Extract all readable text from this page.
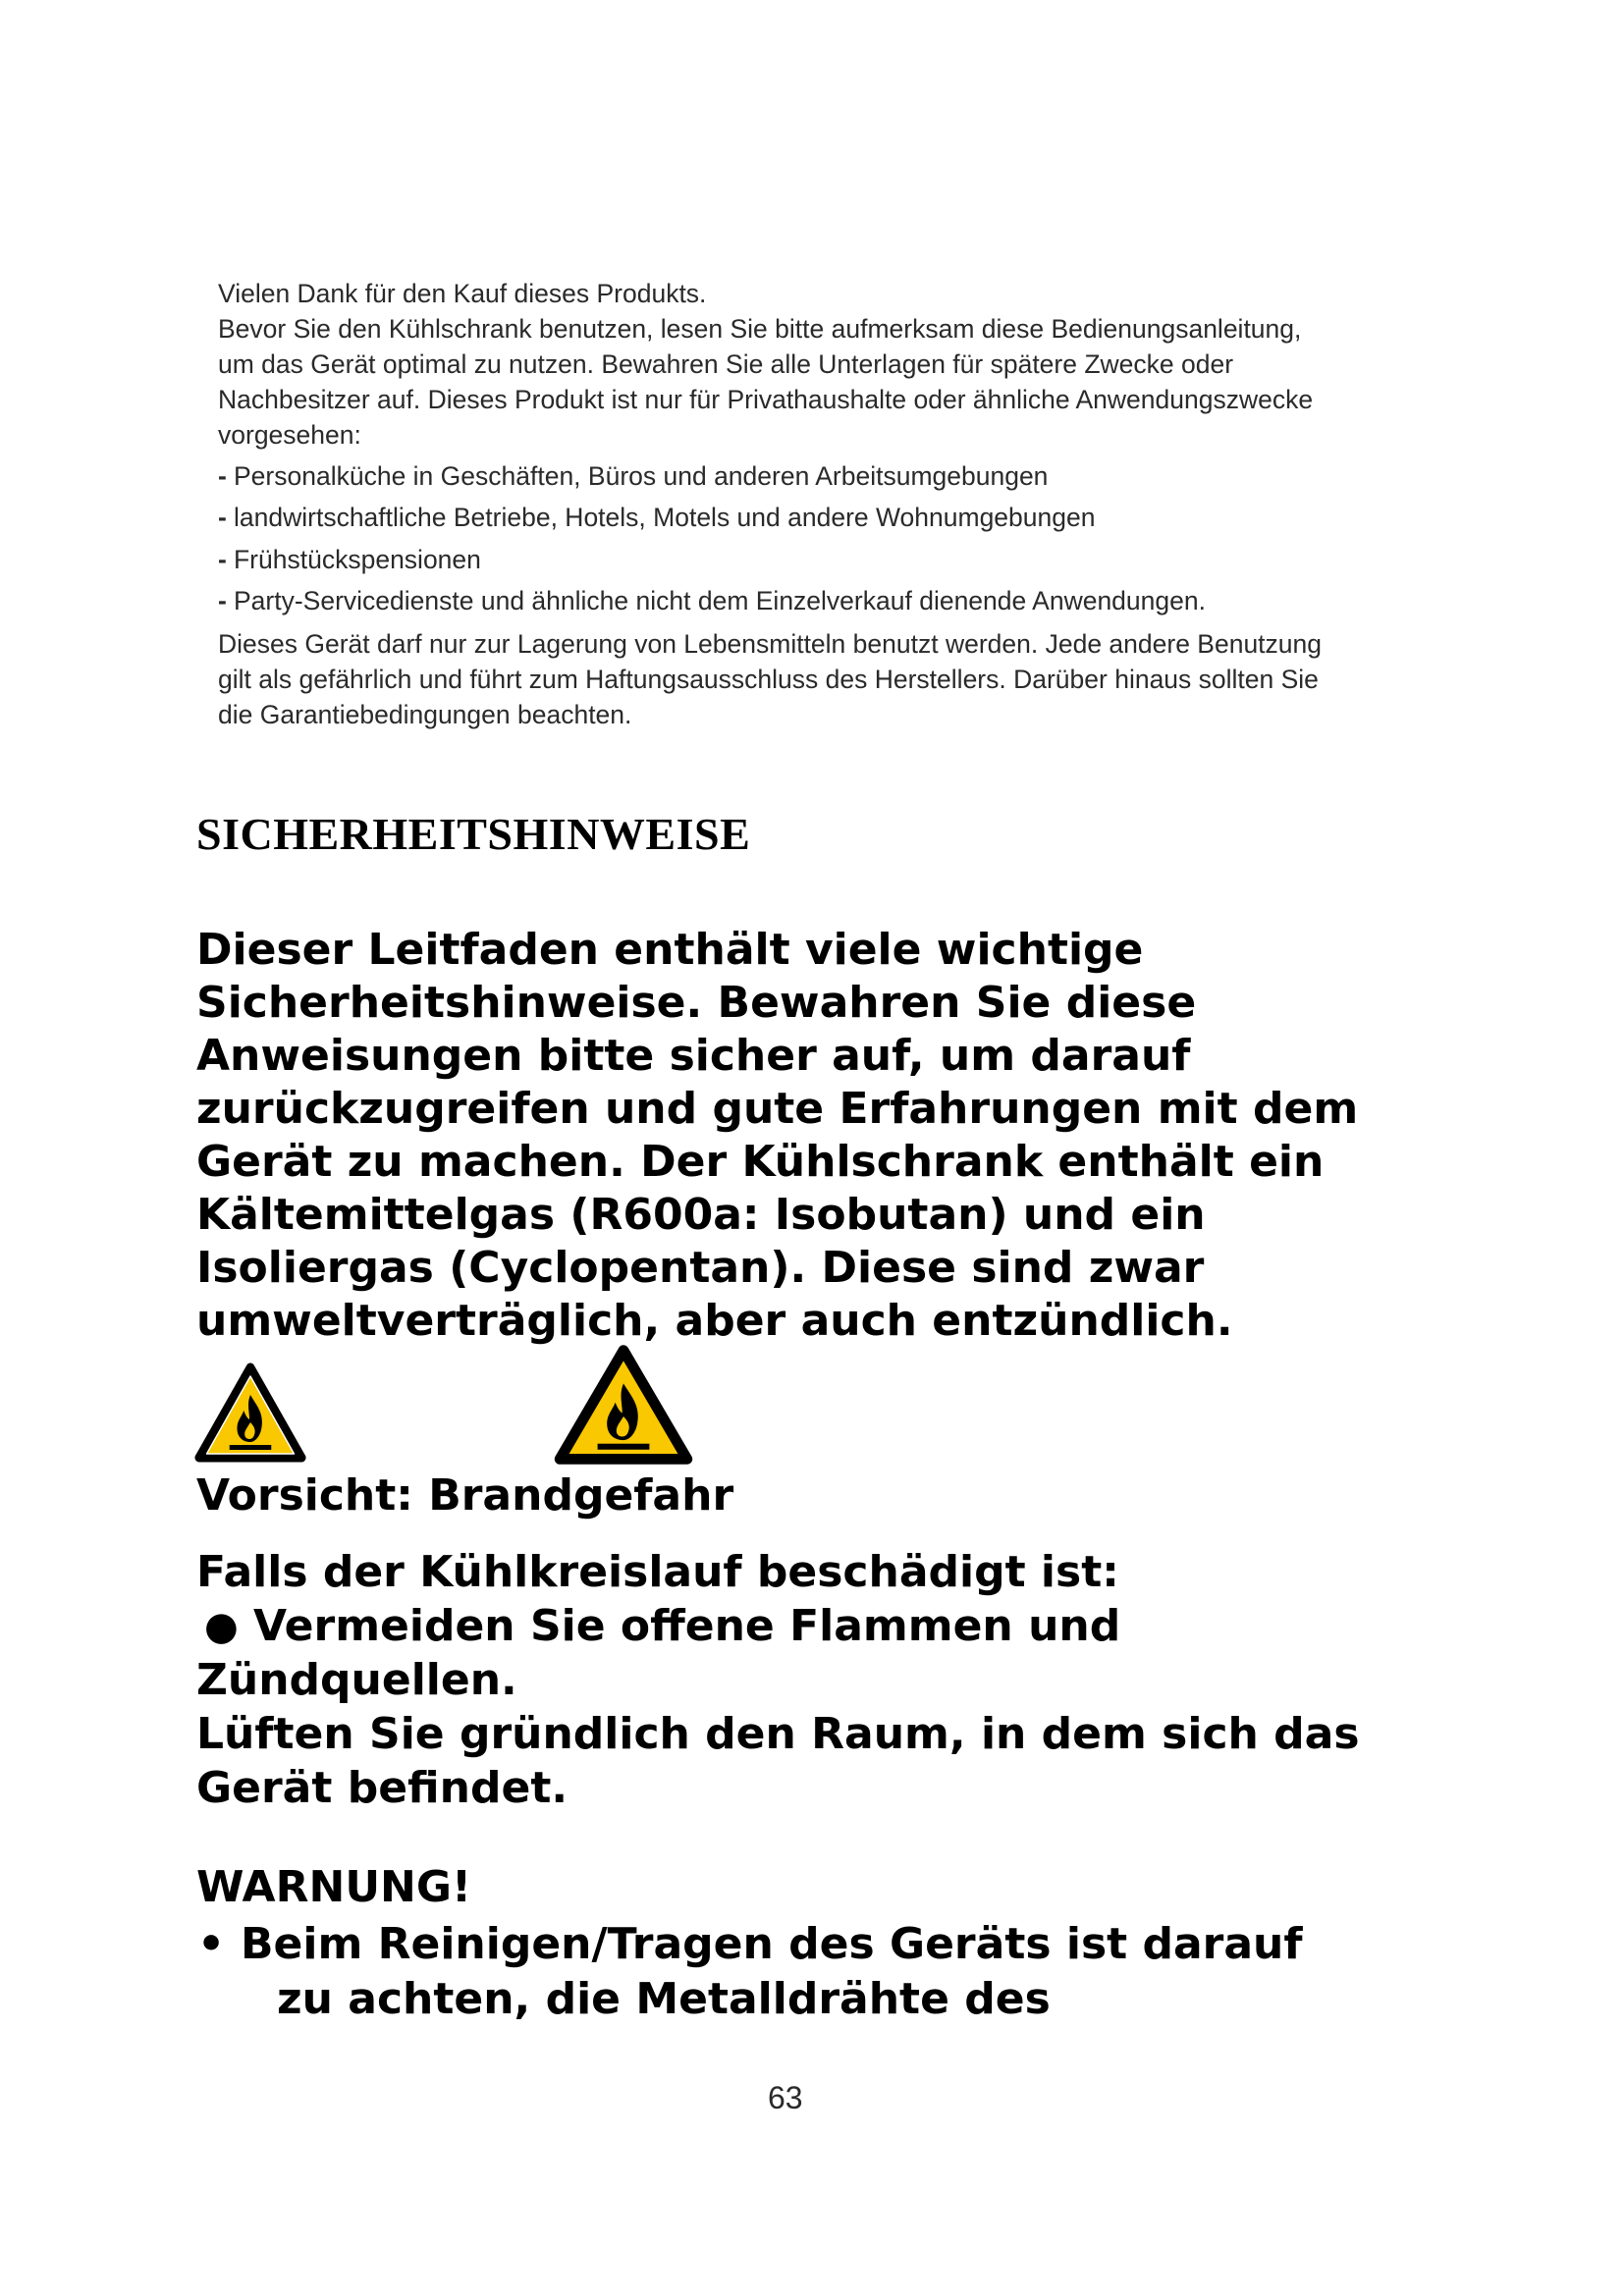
Vielen Dank für den Kauf dieses Produkts.
Bevor Sie den Kühlschrank benutzen, lesen Sie bitte aufmerksam diese Bedienungsanleitung,
um das Gerät optimal zu nutzen. Bewahren Sie alle Unterlagen für spätere Zwecke oder
Nachbesitzer auf. Dieses Produkt ist nur für Privathaushalte oder ähnliche Anwendungszwecke
vorgesehen:
- Personalküche in Geschäften, Büros und anderen Arbeitsumgebungen
- landwirtschaftliche Betriebe, Hotels, Motels und andere Wohnumgebungen
- Frühstückspensionen
- Party-Servicedienste und ähnliche nicht dem Einzelverkauf dienende Anwendungen.
Dieses Gerät darf nur zur Lagerung von Lebensmitteln benutzt werden. Jede andere Benutzung
gilt als gefährlich und führt zum Haftungsausschluss des Herstellers. Darüber hinaus sollten Sie
die Garantiebedingungen beachten.
SICHERHEITSHINWEISE
Dieser Leitfaden enthält viele wichtige
Sicherheitshinweise. Bewahren Sie diese
Anweisungen bitte sicher auf, um darauf
zurückzugreifen und gute Erfahrungen mit dem
Gerät zu machen. Der Kühlschrank enthält ein
Kältemittelgas (R600a: Isobutan) und ein
Isoliergas (Cyclopentan). Diese sind zwar
umweltverträglich, aber auch entzündlich.
Vorsicht: Brandgefahr
Falls der Kühlkreislauf beschädigt ist:
● Vermeiden Sie offene Flammen und
Zündquellen.
Lüften Sie gründlich den Raum, in dem sich das
Gerät befindet.
WARNUNG!
• Beim Reinigen/Tragen des Geräts ist darauf
zu achten, die Metalldrähte des
63
